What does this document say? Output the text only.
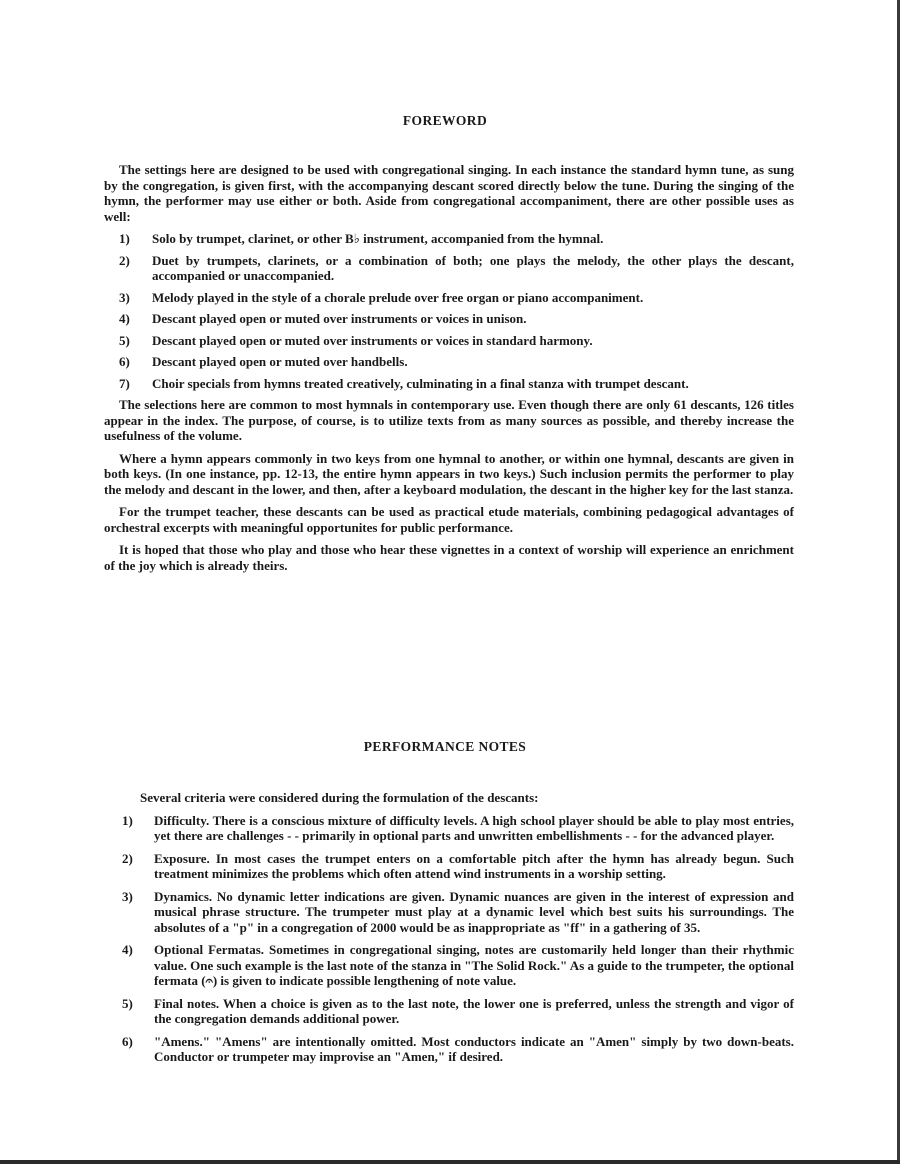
FOREWORD

The settings here are designed to be used with congregational singing. In each instance the standard hymn tune, as sung by the congregation, is given first, with the accompanying descant scored directly below the tune. During the singing of the hymn, the performer may use either or both. Aside from congregational accompaniment, there are other possible uses as well:

1) Solo by trumpet, clarinet, or other B♭ instrument, accompanied from the hymnal.
2) Duet by trumpets, clarinets, or a combination of both; one plays the melody, the other plays the descant, accompanied or unaccompanied.
3) Melody played in the style of a chorale prelude over free organ or piano accompaniment.
4) Descant played open or muted over instruments or voices in unison.
5) Descant played open or muted over instruments or voices in standard harmony.
6) Descant played open or muted over handbells.
7) Choir specials from hymns treated creatively, culminating in a final stanza with trumpet descant.

The selections here are common to most hymnals in contemporary use. Even though there are only 61 descants, 126 titles appear in the index. The purpose, of course, is to utilize texts from as many sources as possible, and thereby increase the usefulness of the volume.

Where a hymn appears commonly in two keys from one hymnal to another, or within one hymnal, descants are given in both keys. (In one instance, pp. 12-13, the entire hymn appears in two keys.) Such inclusion permits the performer to play the melody and descant in the lower, and then, after a keyboard modulation, the descant in the higher key for the last stanza.

For the trumpet teacher, these descants can be used as practical etude materials, combining pedagogical advantages of orchestral excerpts with meaningful opportunites for public performance.

It is hoped that those who play and those who hear these vignettes in a context of worship will experience an enrichment of the joy which is already theirs.

PERFORMANCE NOTES

Several criteria were considered during the formulation of the descants:

1) Difficulty. There is a conscious mixture of difficulty levels. A high school player should be able to play most entries, yet there are challenges - - primarily in optional parts and unwritten embellishments - - for the advanced player.
2) Exposure. In most cases the trumpet enters on a comfortable pitch after the hymn has already begun. Such treatment minimizes the problems which often attend wind instruments in a worship setting.
3) Dynamics. No dynamic letter indications are given. Dynamic nuances are given in the interest of expression and musical phrase structure. The trumpeter must play at a dynamic level which best suits his surroundings. The absolutes of a "p" in a congregation of 2000 would be as inappropriate as "ff" in a gathering of 35.
4) Optional Fermatas. Sometimes in congregational singing, notes are customarily held longer than their rhythmic value. One such example is the last note of the stanza in "The Solid Rock." As a guide to the trumpeter, the optional fermata (𝄐) is given to indicate possible lengthening of note value.
5) Final notes. When a choice is given as to the last note, the lower one is preferred, unless the strength and vigor of the congregation demands additional power.
6) "Amens." "Amens" are intentionally omitted. Most conductors indicate an "Amen" simply by two down-beats. Conductor or trumpeter may improvise an "Amen," if desired.
